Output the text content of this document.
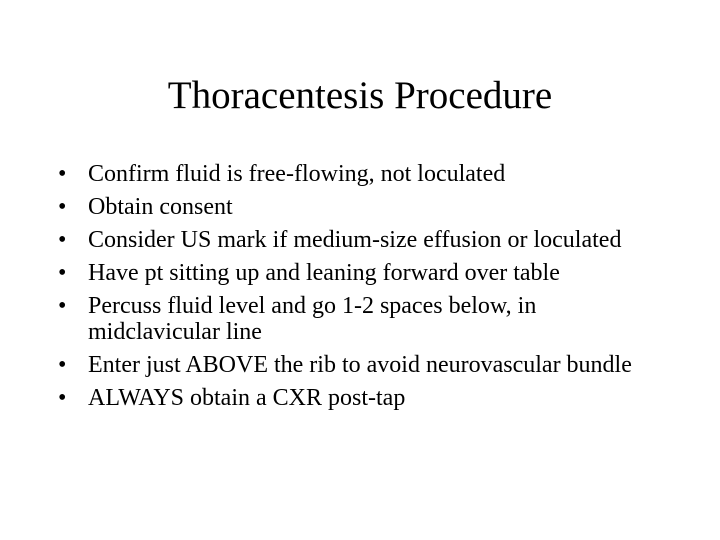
Thoracentesis Procedure
• Confirm fluid is free-flowing, not loculated
• Obtain consent
• Consider US mark if medium-size effusion or loculated
• Have pt sitting up and leaning forward over table
• Percuss fluid level and go 1-2 spaces below, in midclavicular line
• Enter just ABOVE the rib to avoid neurovascular bundle
• ALWAYS obtain a CXR post-tap
